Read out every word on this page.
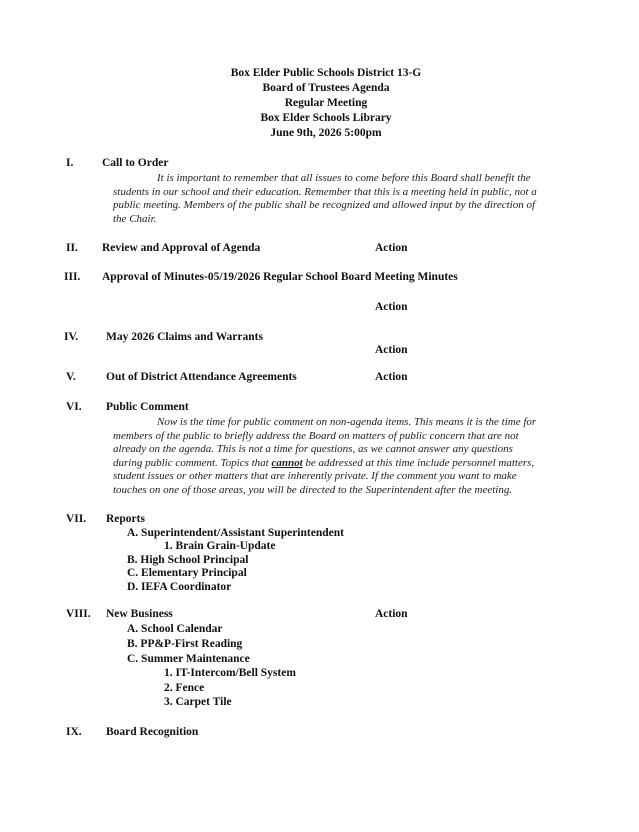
Box Elder Public Schools District 13-G
Board of Trustees Agenda
Regular Meeting
Box Elder Schools Library
June 9th, 2026 5:00pm
I. Call to Order
It is important to remember that all issues to come before this Board shall benefit the
students in our school and their education. Remember that this is a meeting held in public, not a
public meeting. Members of the public shall be recognized and allowed input by the direction of
the Chair.
II. Review and Approval of Agenda	Action
III. Approval of Minutes-05/19/2026 Regular School Board Meeting Minutes
Action
IV. May 2026 Claims and Warrants
Action
V.	Out of District Attendance Agreements	Action
VI. Public Comment
Now is the time for public comment on non-agenda items. This means it is the time for
members of the public to briefly address the Board on matters of public concern that are not
already on the agenda. This is not a time for questions, as we cannot answer any questions
during public comment. Topics that cannot be addressed at this time include personnel matters,
student issues or other matters that are inherently private. If the comment you want to make
touches on one of those areas, you will be directed to the Superintendent after the meeting.
VII. Reports
A. Superintendent/Assistant Superintendent
1. Brain Grain-Update
B. High School Principal
C. Elementary Principal
D. IEFA Coordinator
VIII. New Business	Action
A. School Calendar
B. PP&P-First Reading
C. Summer Maintenance
1. IT-Intercom/Bell System
2. Fence
3. Carpet Tile
IX. Board Recognition
